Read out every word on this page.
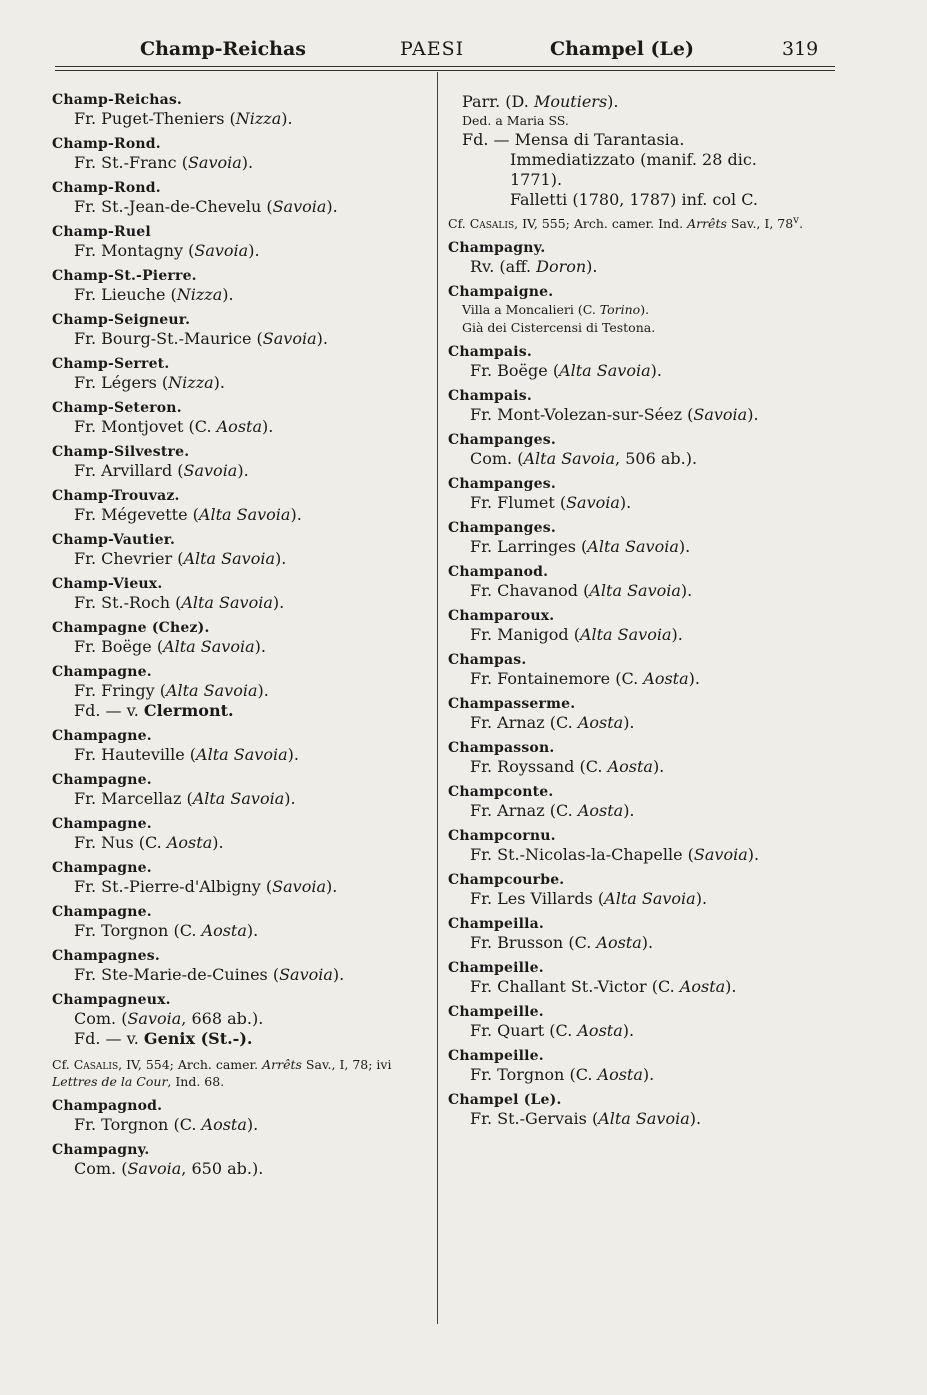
Champ-Reichas	PAESI	Champel (Le)	319
Champ-Reichas.
Fr. Puget-Theniers (Nizza).
Champ-Rond.
Fr. St.-Franc (Savoia).
Champ-Rond.
Fr. St.-Jean-de-Chevelu (Savoia).
Champ-Ruel
Fr. Montagny (Savoia).
Champ-St.-Pierre.
Fr. Lieuche (Nizza).
Champ-Seigneur.
Fr. Bourg-St.-Maurice (Savoia).
Champ-Serret.
Fr. Légers (Nizza).
Champ-Seteron.
Fr. Montjovet (C. Aosta).
Champ-Silvestre.
Fr. Arvillard (Savoia).
Champ-Trouvaz.
Fr. Mégevette (Alta Savoia).
Champ-Vautier.
Fr. Chevrier (Alta Savoia).
Champ-Vieux.
Fr. St.-Roch (Alta Savoia).
Champagne (Chez).
Fr. Boëge (Alta Savoia).
Champagne.
Fr. Fringy (Alta Savoia).
Fd. — v. Clermont.
Champagne.
Fr. Hauteville (Alta Savoia).
Champagne.
Fr. Marcellaz (Alta Savoia).
Champagne.
Fr. Nus (C. Aosta).
Champagne.
Fr. St.-Pierre-d'Albigny (Savoia).
Champagne.
Fr. Torgnon (C. Aosta).
Champagnes.
Fr. Ste-Marie-de-Cuines (Savoia).
Champagneux.
Com. (Savoia, 668 ab.).
Fd. — v. Genix (St.-).
Cf. Casalis, IV, 554; Arch. camer. Arrêts Sav., I, 78; ivi Lettres de la Cour, Ind. 68.
Champagnod.
Fr. Torgnon (C. Aosta).
Champagny.
Com. (Savoia, 650 ab.).
Parr. (D. Moutiers).
Ded. a Maria SS.
Fd. — Mensa di Tarantasia.
Immediatizzato (manif. 28 dic.
1771).
Falletti (1780, 1787) inf. col C.
Cf. Casalis, IV, 555; Arch. camer. Ind. Arrêts Sav., I, 78$^v$.
Champagny.
Rv. (aff. Doron).
Champaigne.
Villa a Moncalieri (C. Torino).
Già dei Cistercensi di Testona.
Champais.
Fr. Boëge (Alta Savoia).
Champais.
Fr. Mont-Volezan-sur-Séez (Savoia).
Champanges.
Com. (Alta Savoia, 506 ab.).
Champanges.
Fr. Flumet (Savoia).
Champanges.
Fr. Larringes (Alta Savoia).
Champanod.
Fr. Chavanod (Alta Savoia).
Champaroux.
Fr. Manigod (Alta Savoia).
Champas.
Fr. Fontainemore (C. Aosta).
Champasserme.
Fr. Arnaz (C. Aosta).
Champasson.
Fr. Royssand (C. Aosta).
Champconte.
Fr. Arnaz (C. Aosta).
Champcornu.
Fr. St.-Nicolas-la-Chapelle (Savoia).
Champcourbe.
Fr. Les Villards (Alta Savoia).
Champeilla.
Fr. Brusson (C. Aosta).
Champeille.
Fr. Challant St.-Victor (C. Aosta).
Champeille.
Fr. Quart (C. Aosta).
Champeille.
Fr. Torgnon (C. Aosta).
Champel (Le).
Fr. St.-Gervais (Alta Savoia).
